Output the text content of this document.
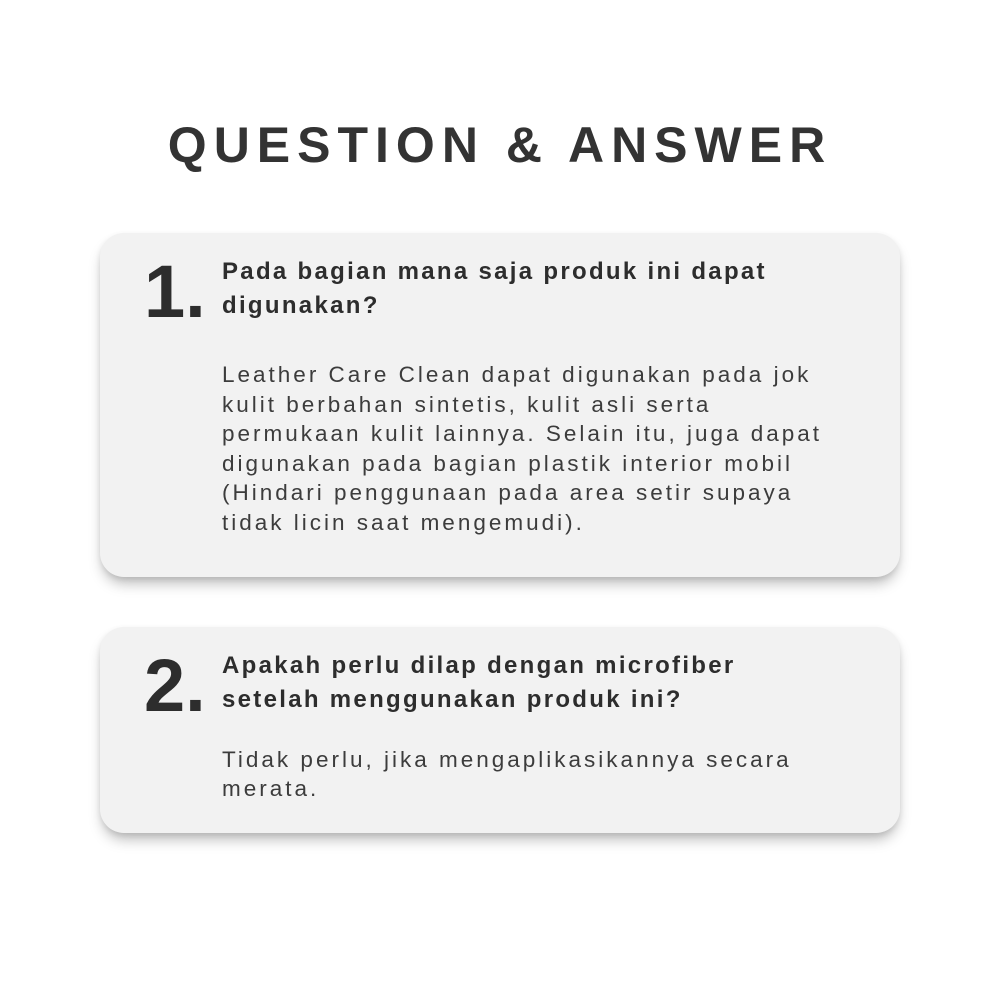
QUESTION & ANSWER
1. Pada bagian mana saja produk ini dapat digunakan?
Leather Care Clean dapat digunakan pada jok kulit berbahan sintetis, kulit asli serta permukaan kulit lainnya. Selain itu, juga dapat digunakan pada bagian plastik interior mobil (Hindari penggunaan pada area setir supaya tidak licin saat mengemudi).
2. Apakah perlu dilap dengan microfiber setelah menggunakan produk ini?
Tidak perlu, jika mengaplikasikannya secara merata.
